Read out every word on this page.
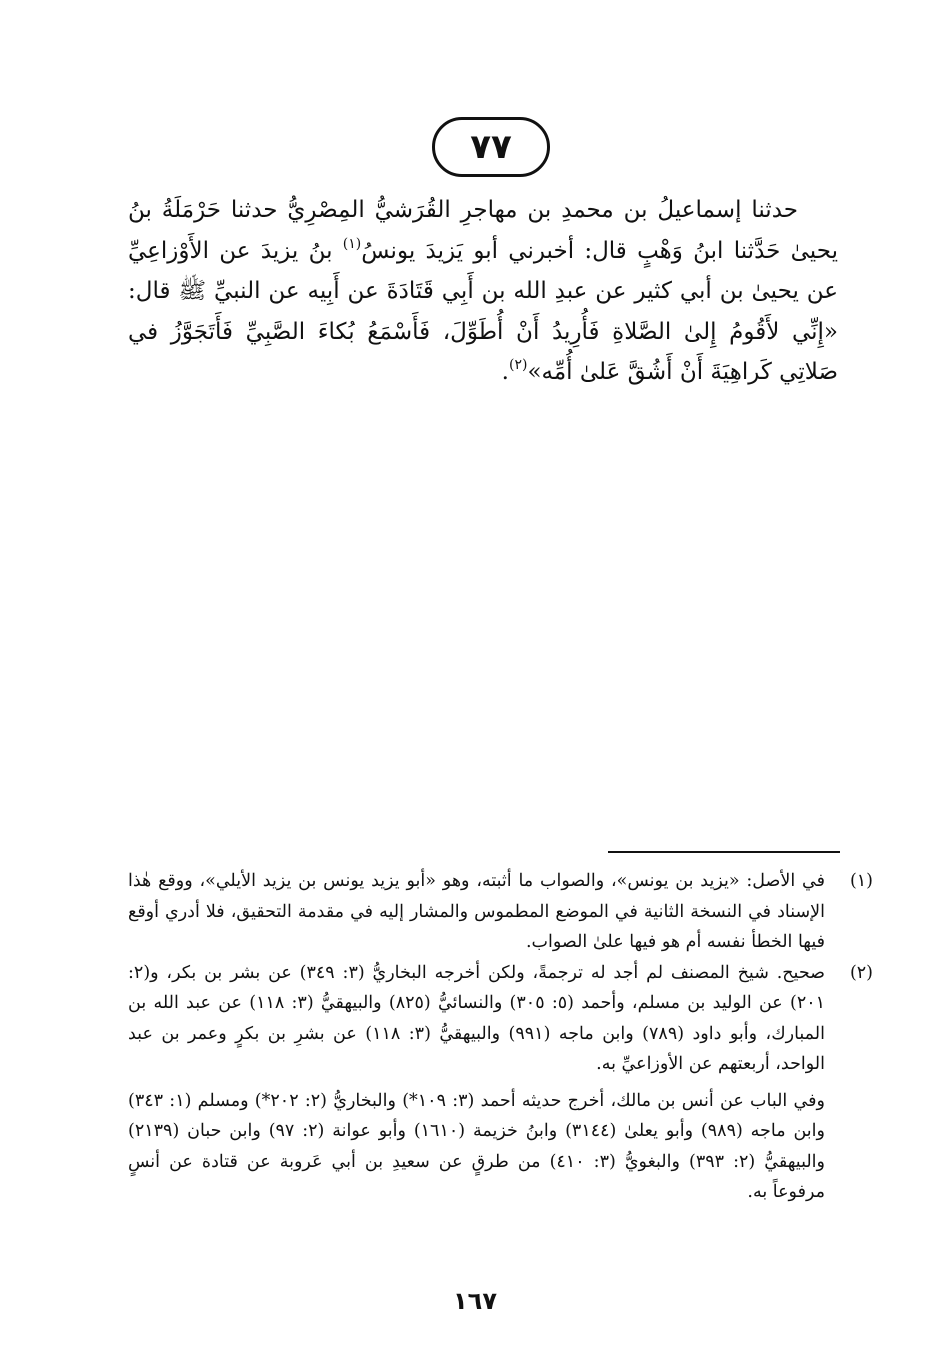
٧٧

حدثنا إسماعيلُ بن محمدِ بن مهاجرِ القُرَشيُّ المِصْرِيُّ حدثنا حَرْمَلَةُ بنُ يحيىٰ حَدَّثنا ابنُ وَهْبٍ قال: أخبرني أبو يَزيدَ يونسُ$^{(١)}$ بنُ يزيدَ عن الأَوْزاعِيِّ عن يحيىٰ بن أبي كثير عن عبدِ الله بن أَبِي قَتَادَةَ عن أَبِيه عن النبيِّ ﷺ قال: «إِنِّي لأَقُومُ إِلىٰ الصَّلاةِ فَأُرِيدُ أَنْ أُطَوِّلَ، فَأَسْمَعُ بُكاءَ الصَّبِيِّ فَأَتَجَوَّزُ في صَلاتِي كَراهِيَةَ أَنْ أَشُقَّ عَلىٰ أُمِّه»$^{(٢)}$.

(١)

في الأصل: «يزيد بن يونس»، والصواب ما أثبته، وهو «أبو يزيد يونس بن يزيد الأيلي»، ووقع هٰذا الإسناد في النسخة الثانية في الموضع المطموس والمشار إليه في مقدمة التحقيق، فلا أدري أوقع فيها الخطأ نفسه أم هو فيها علىٰ الصواب.

(٢)

صحيح. شيخ المصنف لم أجد له ترجمةً، ولكن أخرجه البخاريُّ (٣: ٣٤٩) عن بشر بن بكر، و(٢: ٢٠١) عن الوليد بن مسلم، وأحمد (٥: ٣٠٥) والنسائيُّ (٨٢٥) والبيهقيُّ (٣: ١١٨) عن عبد الله بن المبارك، وأبو داود (٧٨٩) وابن ماجه (٩٩١) والبيهقيُّ (٣: ١١٨) عن بشرِ بن بكرٍ وعمر بن عبد الواحد، أربعتهم عن الأوزاعيِّ به.

وفي الباب عن أنس بن مالك، أخرج حديثه أحمد (٣: ١٠٩*) والبخاريُّ (٢: ٢٠٢*) ومسلم (١: ٣٤٣) وابن ماجه (٩٨٩) وأبو يعلىٰ (٣١٤٤) وابنُ خزيمة (١٦١٠) وأبو عوانة (٢: ٩٧) وابن حبان (٢١٣٩) والبيهقيُّ (٢: ٣٩٣) والبغويُّ (٣: ٤١٠) من طرقٍ عن سعيدِ بن أبي عَروبة عن قتادة عن أنسٍ مرفوعاً به.

١٦٧
